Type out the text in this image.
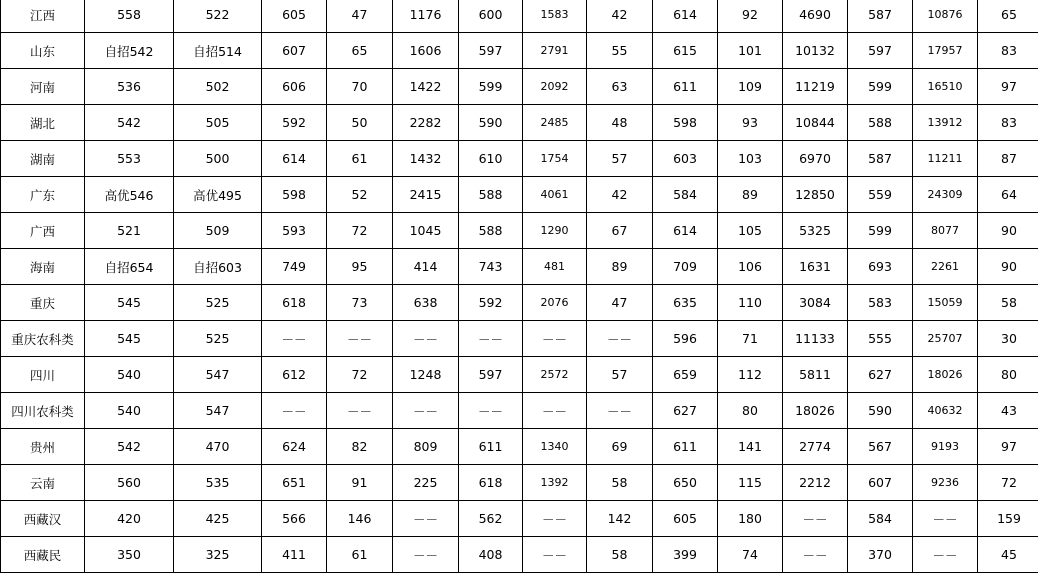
江西	558	522	605	47	1176	600	1583	42	614	92	4690	587	10876	65
山东	自招542	自招514	607	65	1606	597	2791	55	615	101	10132	597	17957	83
河南	536	502	606	70	1422	599	2092	63	611	109	11219	599	16510	97
湖北	542	505	592	50	2282	590	2485	48	598	93	10844	588	13912	83
湖南	553	500	614	61	1432	610	1754	57	603	103	6970	587	11211	87
广东	高优546	高优495	598	52	2415	588	4061	42	584	89	12850	559	24309	64
广西	521	509	593	72	1045	588	1290	67	614	105	5325	599	8077	90
海南	自招654	自招603	749	95	414	743	481	89	709	106	1631	693	2261	90
重庆	545	525	618	73	638	592	2076	47	635	110	3084	583	15059	58
重庆农科类	545	525	－－	－－	－－	－－	－－	－－	596	71	11133	555	25707	30
四川	540	547	612	72	1248	597	2572	57	659	112	5811	627	18026	80
四川农科类	540	547	－－	－－	－－	－－	－－	－－	627	80	18026	590	40632	43
贵州	542	470	624	82	809	611	1340	69	611	141	2774	567	9193	97
云南	560	535	651	91	225	618	1392	58	650	115	2212	607	9236	72
西藏汉	420	425	566	146	－－	562	－－	142	605	180	－－	584	－－	159
西藏民	350	325	411	61	－－	408	－－	58	399	74	－－	370	－－	45
